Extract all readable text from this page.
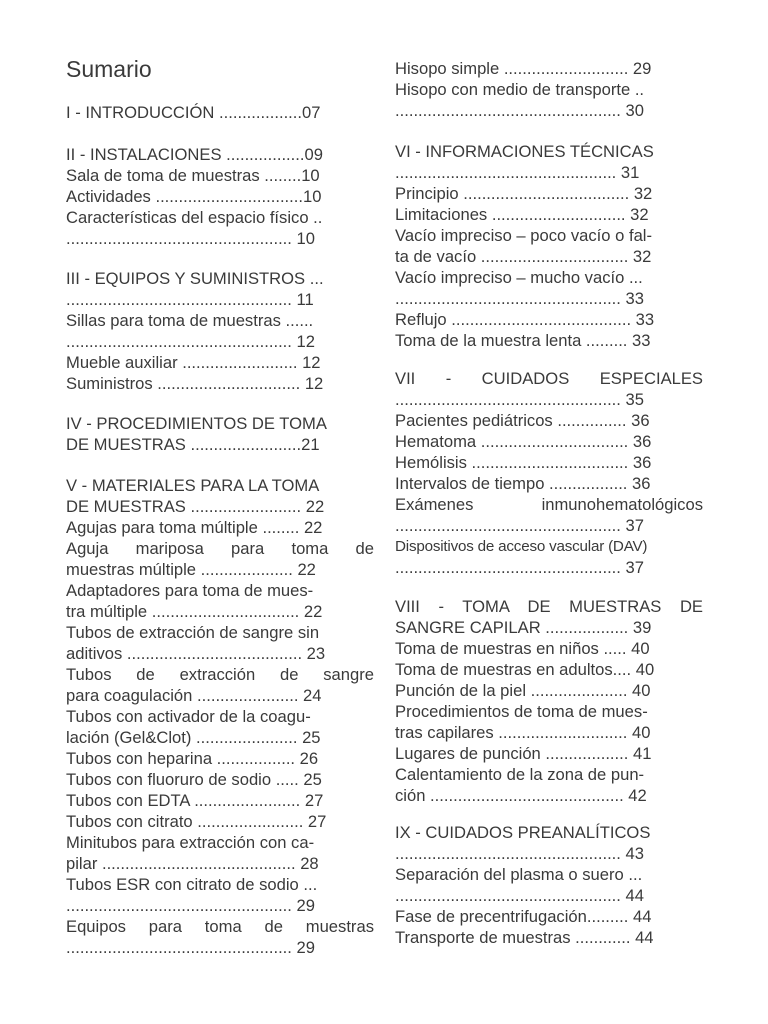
Sumario
I - INTRODUCCIÓN ..................07
II - INSTALACIONES .................09
Sala de toma de muestras ........10
Actividades ................................10
Características del espacio físico ..
................................................. 10
III - EQUIPOS Y SUMINISTROS ...
................................................. 11
Sillas para toma de muestras ......
................................................. 12
Mueble auxiliar ......................... 12
Suministros ............................... 12
IV - PROCEDIMIENTOS DE TOMA
DE MUESTRAS ........................21
V - MATERIALES PARA LA TOMA
DE MUESTRAS ........................ 22
Agujas para toma múltiple ........ 22
Aguja mariposa para toma de
muestras múltiple .................... 22
Adaptadores para toma de mues-
tra múltiple ................................ 22
Tubos de extracción de sangre sin
aditivos ...................................... 23
Tubos de extracción de sangre
para coagulación ...................... 24
Tubos con activador de la coagu-
lación (Gel&Clot) ...................... 25
Tubos con heparina ................. 26
Tubos con fluoruro de sodio ..... 25
Tubos con EDTA ....................... 27
Tubos con citrato ....................... 27
Minitubos para extracción con ca-
pilar .......................................... 28
Tubos ESR con citrato de sodio ...
................................................. 29
Equipos para toma de muestras
................................................. 29
Hisopo simple ........................... 29
Hisopo con medio de transporte ..
................................................. 30
VI - INFORMACIONES TÉCNICAS
................................................ 31
Principio .................................... 32
Limitaciones ............................. 32
Vacío impreciso – poco vacío o fal-
ta de vacío ................................ 32
Vacío impreciso – mucho vacío ...
................................................. 33
Reflujo ....................................... 33
Toma de la muestra lenta ......... 33
VII - CUIDADOS ESPECIALES
................................................. 35
Pacientes pediátricos ............... 36
Hematoma ................................ 36
Hemólisis .................................. 36
Intervalos de tiempo ................. 36
Exámenes inmunohematológicos
................................................. 37
Dispositivos de acceso vascular (DAV)
................................................. 37
VIII - TOMA DE MUESTRAS DE
SANGRE CAPILAR .................. 39
Toma de muestras en niños ..... 40
Toma de muestras en adultos.... 40
Punción de la piel ..................... 40
Procedimientos de toma de mues-
tras capilares ............................ 40
Lugares de punción .................. 41
Calentamiento de la zona de pun-
ción .......................................... 42
IX - CUIDADOS PREANALÍTICOS
................................................. 43
Separación del plasma o suero ...
................................................. 44
Fase de precentrifugación......... 44
Transporte de muestras ............ 44
